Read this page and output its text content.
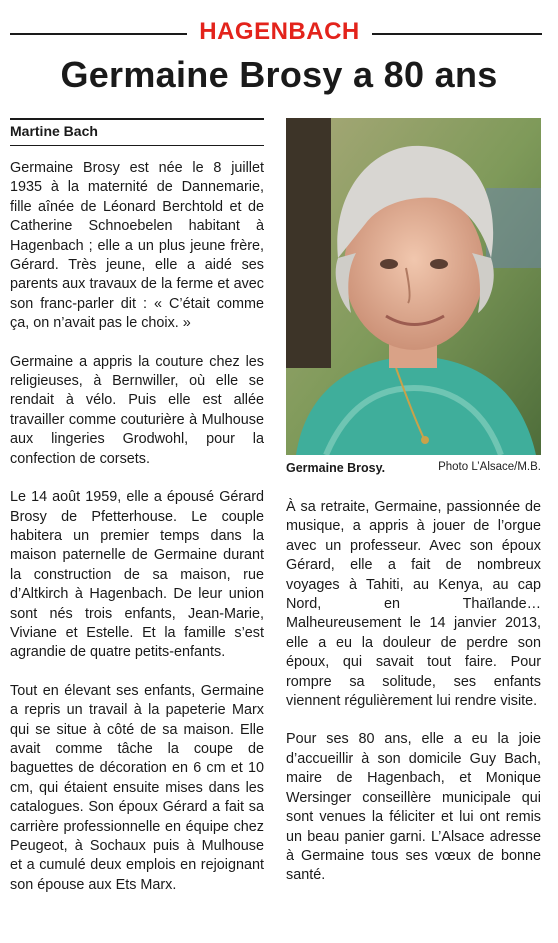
HAGENBACH
Germaine Brosy a 80 ans
Martine Bach

Germaine Brosy est née le 8 juillet 1935 à la maternité de Dannemarie, fille aînée de Léonard Berchtold et de Catherine Schnoebelen habitant à Hagenbach ; elle a un plus jeune frère, Gérard. Très jeune, elle a aidé ses parents aux travaux de la ferme et avec son franc-parler dit : « C’était comme ça, on n’avait pas le choix. »

Germaine a appris la couture chez les religieuses, à Bernwiller, où elle se rendait à vélo. Puis elle est allée travailler comme couturière à Mulhouse aux lingeries Grodwohl, pour la confection de corsets.

Le 14 août 1959, elle a épousé Gérard Brosy de Pfetterhouse. Le couple habitera un premier temps dans la maison paternelle de Germaine durant la construction de sa maison, rue d’Altkirch à Hagenbach. De leur union sont nés trois enfants, Jean-Marie, Viviane et Estelle. Et la famille s’est agrandie de quatre petits-enfants.

Tout en élevant ses enfants, Germaine a repris un travail à la papeterie Marx qui se situe à côté de sa maison. Elle avait comme tâche la coupe de baguettes de décoration en 6 cm et 10 cm, qui étaient ensuite mises dans les catalogues. Son époux Gérard a fait sa carrière professionnelle en équipe chez Peugeot, à Sochaux puis à Mulhouse et a cumulé deux emplois en rejoignant son épouse aux Ets Marx.

Germaine Brosy.	Photo L’Alsace/M.B.

À sa retraite, Germaine, passionnée de musique, a appris à jouer de l’orgue avec un professeur. Avec son époux Gérard, elle a fait de nombreux voyages à Tahiti, au Kenya, au cap Nord, en Thaïlande… Malheureusement le 14 janvier 2013, elle a eu la douleur de perdre son époux, qui savait tout faire. Pour rompre sa solitude, ses enfants viennent régulièrement lui rendre visite.

Pour ses 80 ans, elle a eu la joie d’accueillir à son domicile Guy Bach, maire de Hagenbach, et Monique Wersinger conseillère municipale qui sont venues la féliciter et lui ont remis un beau panier garni. L’Alsace adresse à Germaine tous ses vœux de bonne santé.
